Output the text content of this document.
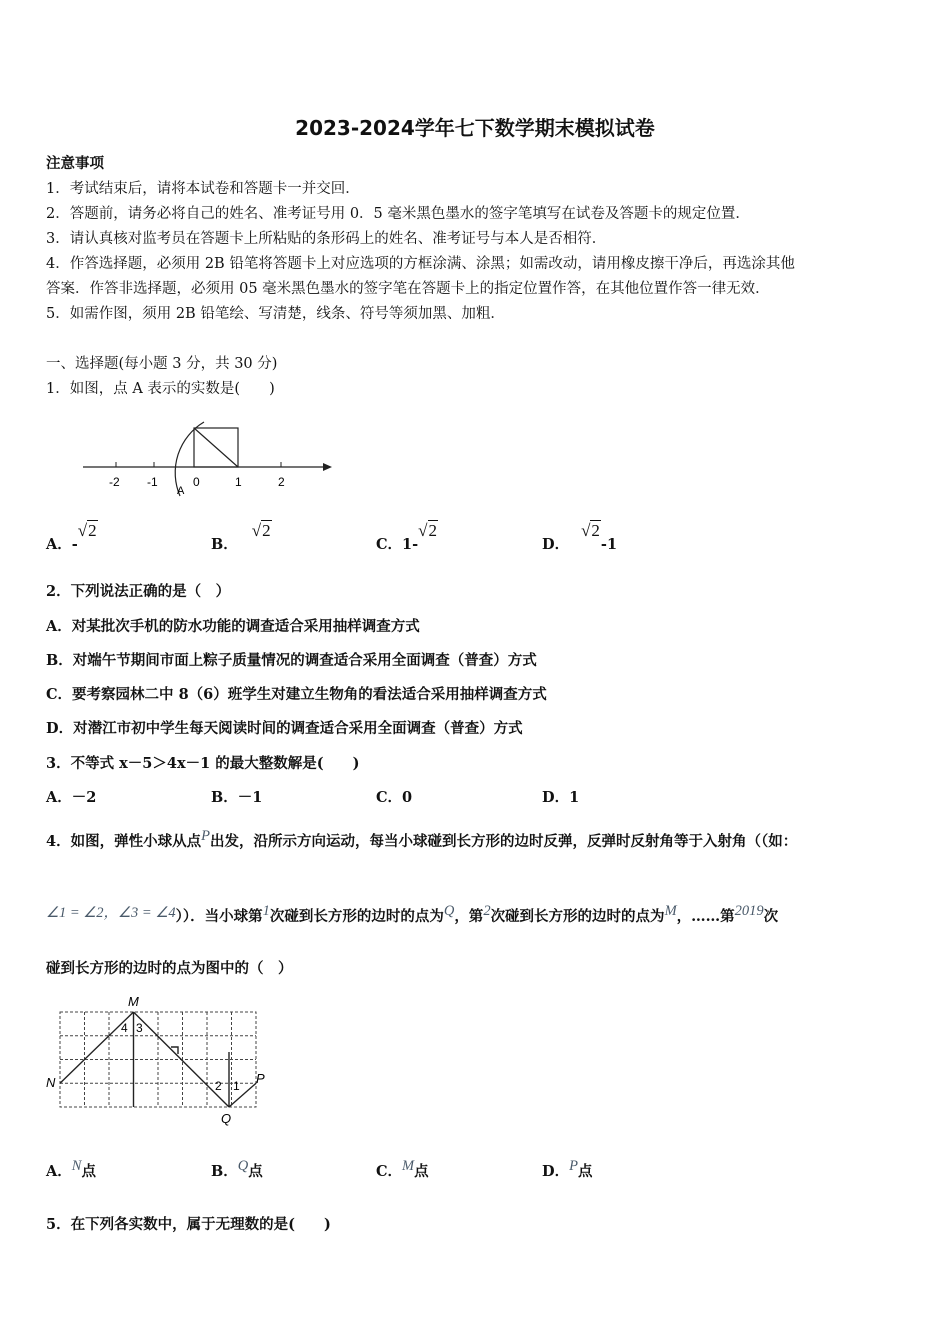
2023-2024学年七下数学期末模拟试卷
注意事项
1．考试结束后，请将本试卷和答题卡一并交回．
2．答题前，请务必将自己的姓名、准考证号用 0．5 毫米黑色墨水的签字笔填写在试卷及答题卡的规定位置．
3．请认真核对监考员在答题卡上所粘贴的条形码上的姓名、准考证号与本人是否相符．
4．作答选择题，必须用 2B 铅笔将答题卡上对应选项的方框涂满、涂黑；如需改动，请用橡皮擦干净后，再选涂其他
答案．作答非选择题，必须用 05 毫米黑色墨水的签字笔在答题卡上的指定位置作答，在其他位置作答一律无效．
5．如需作图，须用 2B 铅笔绘、写清楚，线条、符号等须加黑、加粗．
一、选择题(每小题 3 分，共 30 分)
1．如图，点 A 表示的实数是(　　)
-2 -1	0	1	2
A
A．-√2
B．√2
C．1-√2
D．√2-1
2．下列说法正确的是（　）
A．对某批次手机的防水功能的调查适合采用抽样调查方式
B．对端午节期间市面上粽子质量情况的调查适合采用全面调查（普查）方式
C．要考察园林二中 8（6）班学生对建立生物角的看法适合采用抽样调查方式
D．对潜江市初中学生每天阅读时间的调查适合采用全面调查（普查）方式
3．不等式 x－5＞4x－1 的最大整数解是(　　)
A．－2	B．－1	C．0	D．1
4．如图，弹性小球从点P出发，沿所示方向运动，每当小球碰到长方形的边时反弹，反弹时反射角等于入射角（（如：
∠1 = ∠2，∠3 = ∠4））．当小球第1次碰到长方形的边时的点为Q，第2次碰到长方形的边时的点为M，……第2019次
碰到长方形的边时的点为图中的（　）
M
N	P
Q
1
2
3
4
A．N点	B．Q点	C．M点	D．P点
5．在下列各实数中，属于无理数的是(　　)
